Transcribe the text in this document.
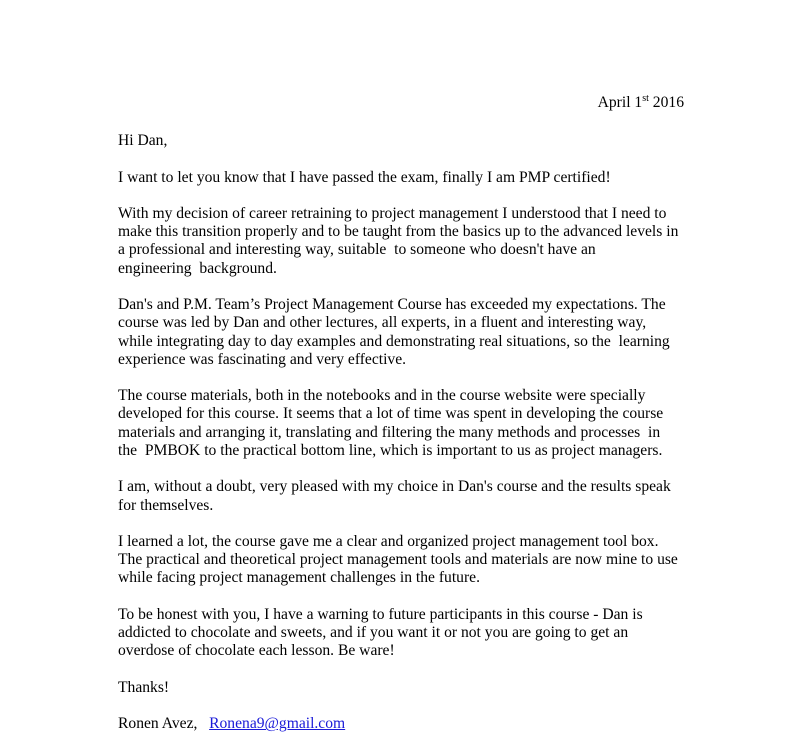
April 1st 2016

Hi Dan,

I want to let you know that I have passed the exam, finally I am PMP certified!

With my decision of career retraining to project management I understood that I need to
make this transition properly and to be taught from the basics up to the advanced levels in
a professional and interesting way, suitable  to someone who doesn't have an
engineering  background.

Dan's and P.M. Team’s Project Management Course has exceeded my expectations. The
course was led by Dan and other lectures, all experts, in a fluent and interesting way,
while integrating day to day examples and demonstrating real situations, so the  learning
experience was fascinating and very effective.

The course materials, both in the notebooks and in the course website were specially
developed for this course. It seems that a lot of time was spent in developing the course
materials and arranging it, translating and filtering the many methods and processes  in
the  PMBOK to the practical bottom line, which is important to us as project managers.

I am, without a doubt, very pleased with my choice in Dan's course and the results speak
for themselves.

I learned a lot, the course gave me a clear and organized project management tool box.
The practical and theoretical project management tools and materials are now mine to use
while facing project management challenges in the future.

To be honest with you, I have a warning to future participants in this course - Dan is
addicted to chocolate and sweets, and if you want it or not you are going to get an
overdose of chocolate each lesson. Be ware!

Thanks!

Ronen Avez, Ronena9@gmail.com
